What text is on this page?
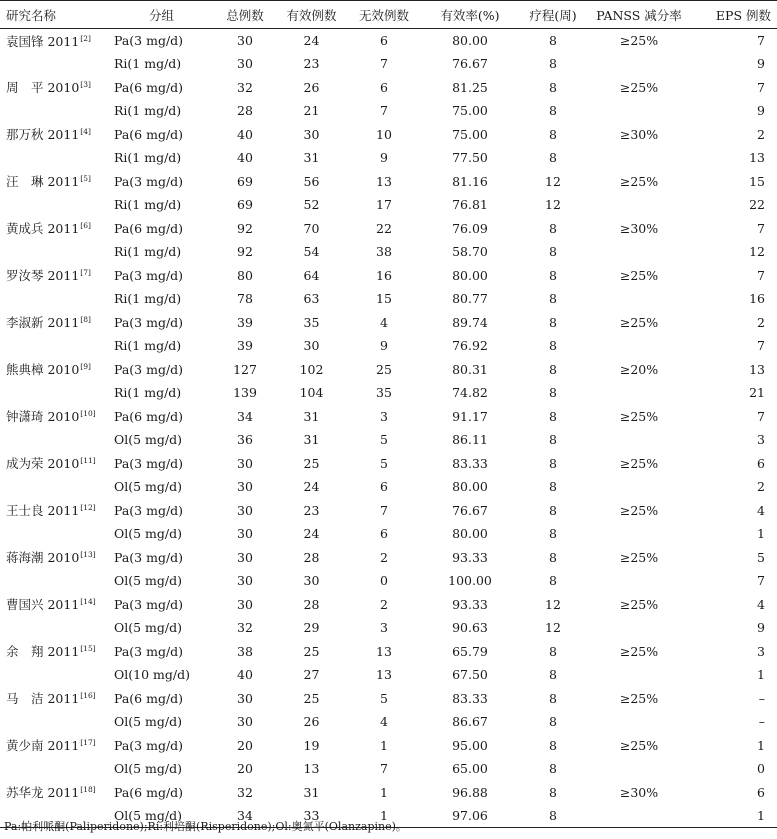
研究名称	分组	总例数	有效例数	无效例数	有效率(%)	疗程(周)	PANSS 减分率	EPS 例数
袁国锋 2011[2]	Pa(3 mg/d)	30	24	6	80.00	8	≥25%	7
	Ri(1 mg/d)	30	23	7	76.67	8		9
周　平 2010[3]	Pa(6 mg/d)	32	26	6	81.25	8	≥25%	7
	Ri(1 mg/d)	28	21	7	75.00	8		9
那万秋 2011[4]	Pa(6 mg/d)	40	30	10	75.00	8	≥30%	2
	Ri(1 mg/d)	40	31	9	77.50	8		13
汪　琳 2011[5]	Pa(3 mg/d)	69	56	13	81.16	12	≥25%	15
	Ri(1 mg/d)	69	52	17	76.81	12		22
黄成兵 2011[6]	Pa(6 mg/d)	92	70	22	76.09	8	≥30%	7
	Ri(1 mg/d)	92	54	38	58.70	8		12
罗汝琴 2011[7]	Pa(3 mg/d)	80	64	16	80.00	8	≥25%	7
	Ri(1 mg/d)	78	63	15	80.77	8		16
李淑新 2011[8]	Pa(3 mg/d)	39	35	4	89.74	8	≥25%	2
	Ri(1 mg/d)	39	30	9	76.92	8		7
熊典樟 2010[9]	Pa(3 mg/d)	127	102	25	80.31	8	≥20%	13
	Ri(1 mg/d)	139	104	35	74.82	8		21
钟潇琦 2010[10]	Pa(6 mg/d)	34	31	3	91.17	8	≥25%	7
	Ol(5 mg/d)	36	31	5	86.11	8		3
成为荣 2010[11]	Pa(3 mg/d)	30	25	5	83.33	8	≥25%	6
	Ol(5 mg/d)	30	24	6	80.00	8		2
王士良 2011[12]	Pa(3 mg/d)	30	23	7	76.67	8	≥25%	4
	Ol(5 mg/d)	30	24	6	80.00	8		1
蒋海潮 2010[13]	Pa(3 mg/d)	30	28	2	93.33	8	≥25%	5
	Ol(5 mg/d)	30	30	0	100.00	8		7
曹国兴 2011[14]	Pa(3 mg/d)	30	28	2	93.33	12	≥25%	4
	Ol(5 mg/d)	32	29	3	90.63	12		9
余　翔 2011[15]	Pa(3 mg/d)	38	25	13	65.79	8	≥25%	3
	Ol(10 mg/d)	40	27	13	67.50	8		1
马　洁 2011[16]	Pa(6 mg/d)	30	25	5	83.33	8	≥25%	–
	Ol(5 mg/d)	30	26	4	86.67	8		–
黄少南 2011[17]	Pa(3 mg/d)	20	19	1	95.00	8	≥25%	1
	Ol(5 mg/d)	20	13	7	65.00	8		0
苏华龙 2011[18]	Pa(6 mg/d)	32	31	1	96.88	8	≥30%	6
	Ol(5 mg/d)	34	33	1	97.06	8		1
Pa:帕利哌酮(Paliperidone);Ri:利培酮(Risperidone);Ol:奥氮平(Olanzapine)。
